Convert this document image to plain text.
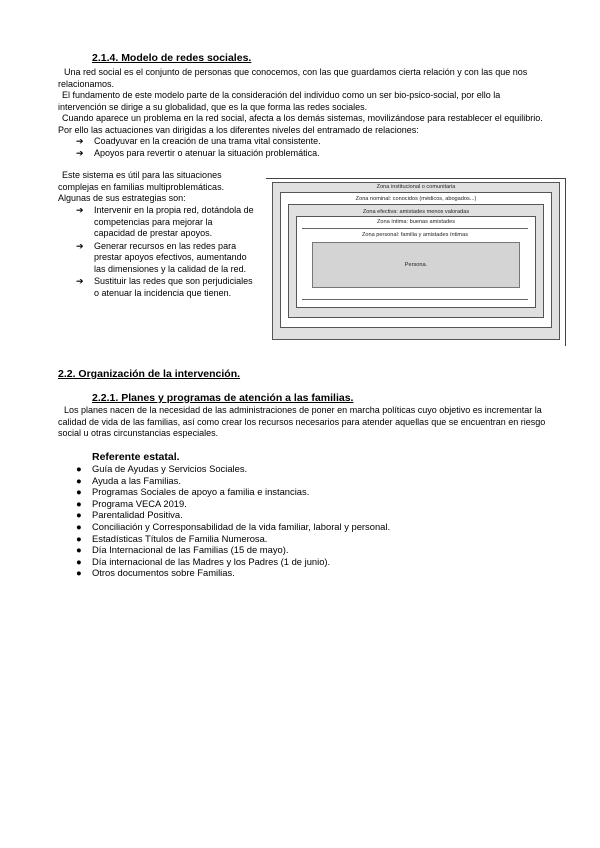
2.1.4. Modelo de redes sociales.
Una red social es el conjunto de personas que conocemos, con las que guardamos cierta relación y con las que nos relacionamos.
El fundamento de este modelo parte de la consideración del individuo como un ser bio-psico-social, por ello la intervención se dirige a su globalidad, que es la que forma las redes sociales.
Cuando aparece un problema en la red social, afecta a los demás sistemas, movilizándose para restablecer el equilibrio. Por ello las actuaciones van dirigidas a los diferentes niveles del entramado de relaciones:
➔ Coadyuvar en la creación de una trama vital consistente.
➔ Apoyos para revertir o atenuar la situación problemática.
Este sistema es útil para las situaciones complejas en familias multiproblemáticas. Algunas de sus estrategias son:
➔ Intervenir en la propia red, dotándola de competencias para mejorar la capacidad de prestar apoyos.
➔ Generar recursos en las redes para prestar apoyos efectivos, aumentando las dimensiones y la calidad de la red.
➔ Sustituir las redes que son perjudiciales o atenuar la incidencia que tienen.
Zona institucional o comunitaria
Zona nominal: conocidos (médicos, abogados...)
Zona efectiva: amistades menos valoradas
Zona íntima: buenas amistades
Zona personal: familia y amistades íntimas
Persona.
2.2. Organización de la intervención.
2.2.1. Planes y programas de atención a las familias.
Los planes nacen de la necesidad de las administraciones de poner en marcha políticas cuyo objetivo es incrementar la calidad de vida de las familias, así como crear los recursos necesarios para atender aquellas que se encuentran en riesgo social u otras circunstancias especiales.
Referente estatal.
● Guía de Ayudas y Servicios Sociales.
● Ayuda a las Familias.
● Programas Sociales de apoyo a familia e instancias.
● Programa VECA 2019.
● Parentalidad Positiva.
● Conciliación y Corresponsabilidad de la vida familiar, laboral y personal.
● Estadísticas Títulos de Familia Numerosa.
● Día Internacional de las Familias (15 de mayo).
● Día internacional de las Madres y los Padres (1 de junio).
● Otros documentos sobre Familias.
